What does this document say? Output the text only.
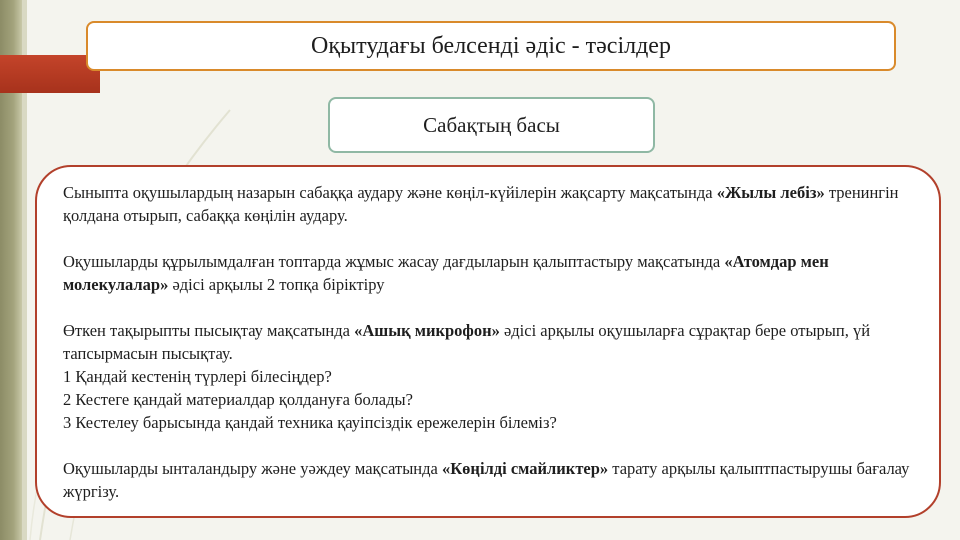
Оқытудағы белсенді әдіс - тәсілдер
Сабақтың басы

Сыныпта оқушылардың назарын сабаққа аудару және көңіл-күйілерін жақсарту мақсатында «Жылы лебіз» тренингін қолдана отырып, сабаққа көңілін аудару.

Оқушыларды құрылымдалған топтарда жұмыс жасау дағдыларын қалыптастыру мақсатында «Атомдар мен молекулалар» әдісі арқылы 2 топқа біріктіру

Өткен тақырыпты пысықтау мақсатында «Ашық микрофон» әдісі арқылы оқушыларға сұрақтар бере отырып, үй тапсырмасын пысықтау.

1 Қандай кестенің түрлері білесіңдер?

2 Кестеге қандай материалдар қолдануға болады?

3 Кестелеу барысында қандай техника қауіпсіздік ережелерін білеміз?

Оқушыларды ынталандыру және уәждеу мақсатында «Көңілді смайликтер» тарату арқылы қалыптпастырушы бағалау жүргізу.
